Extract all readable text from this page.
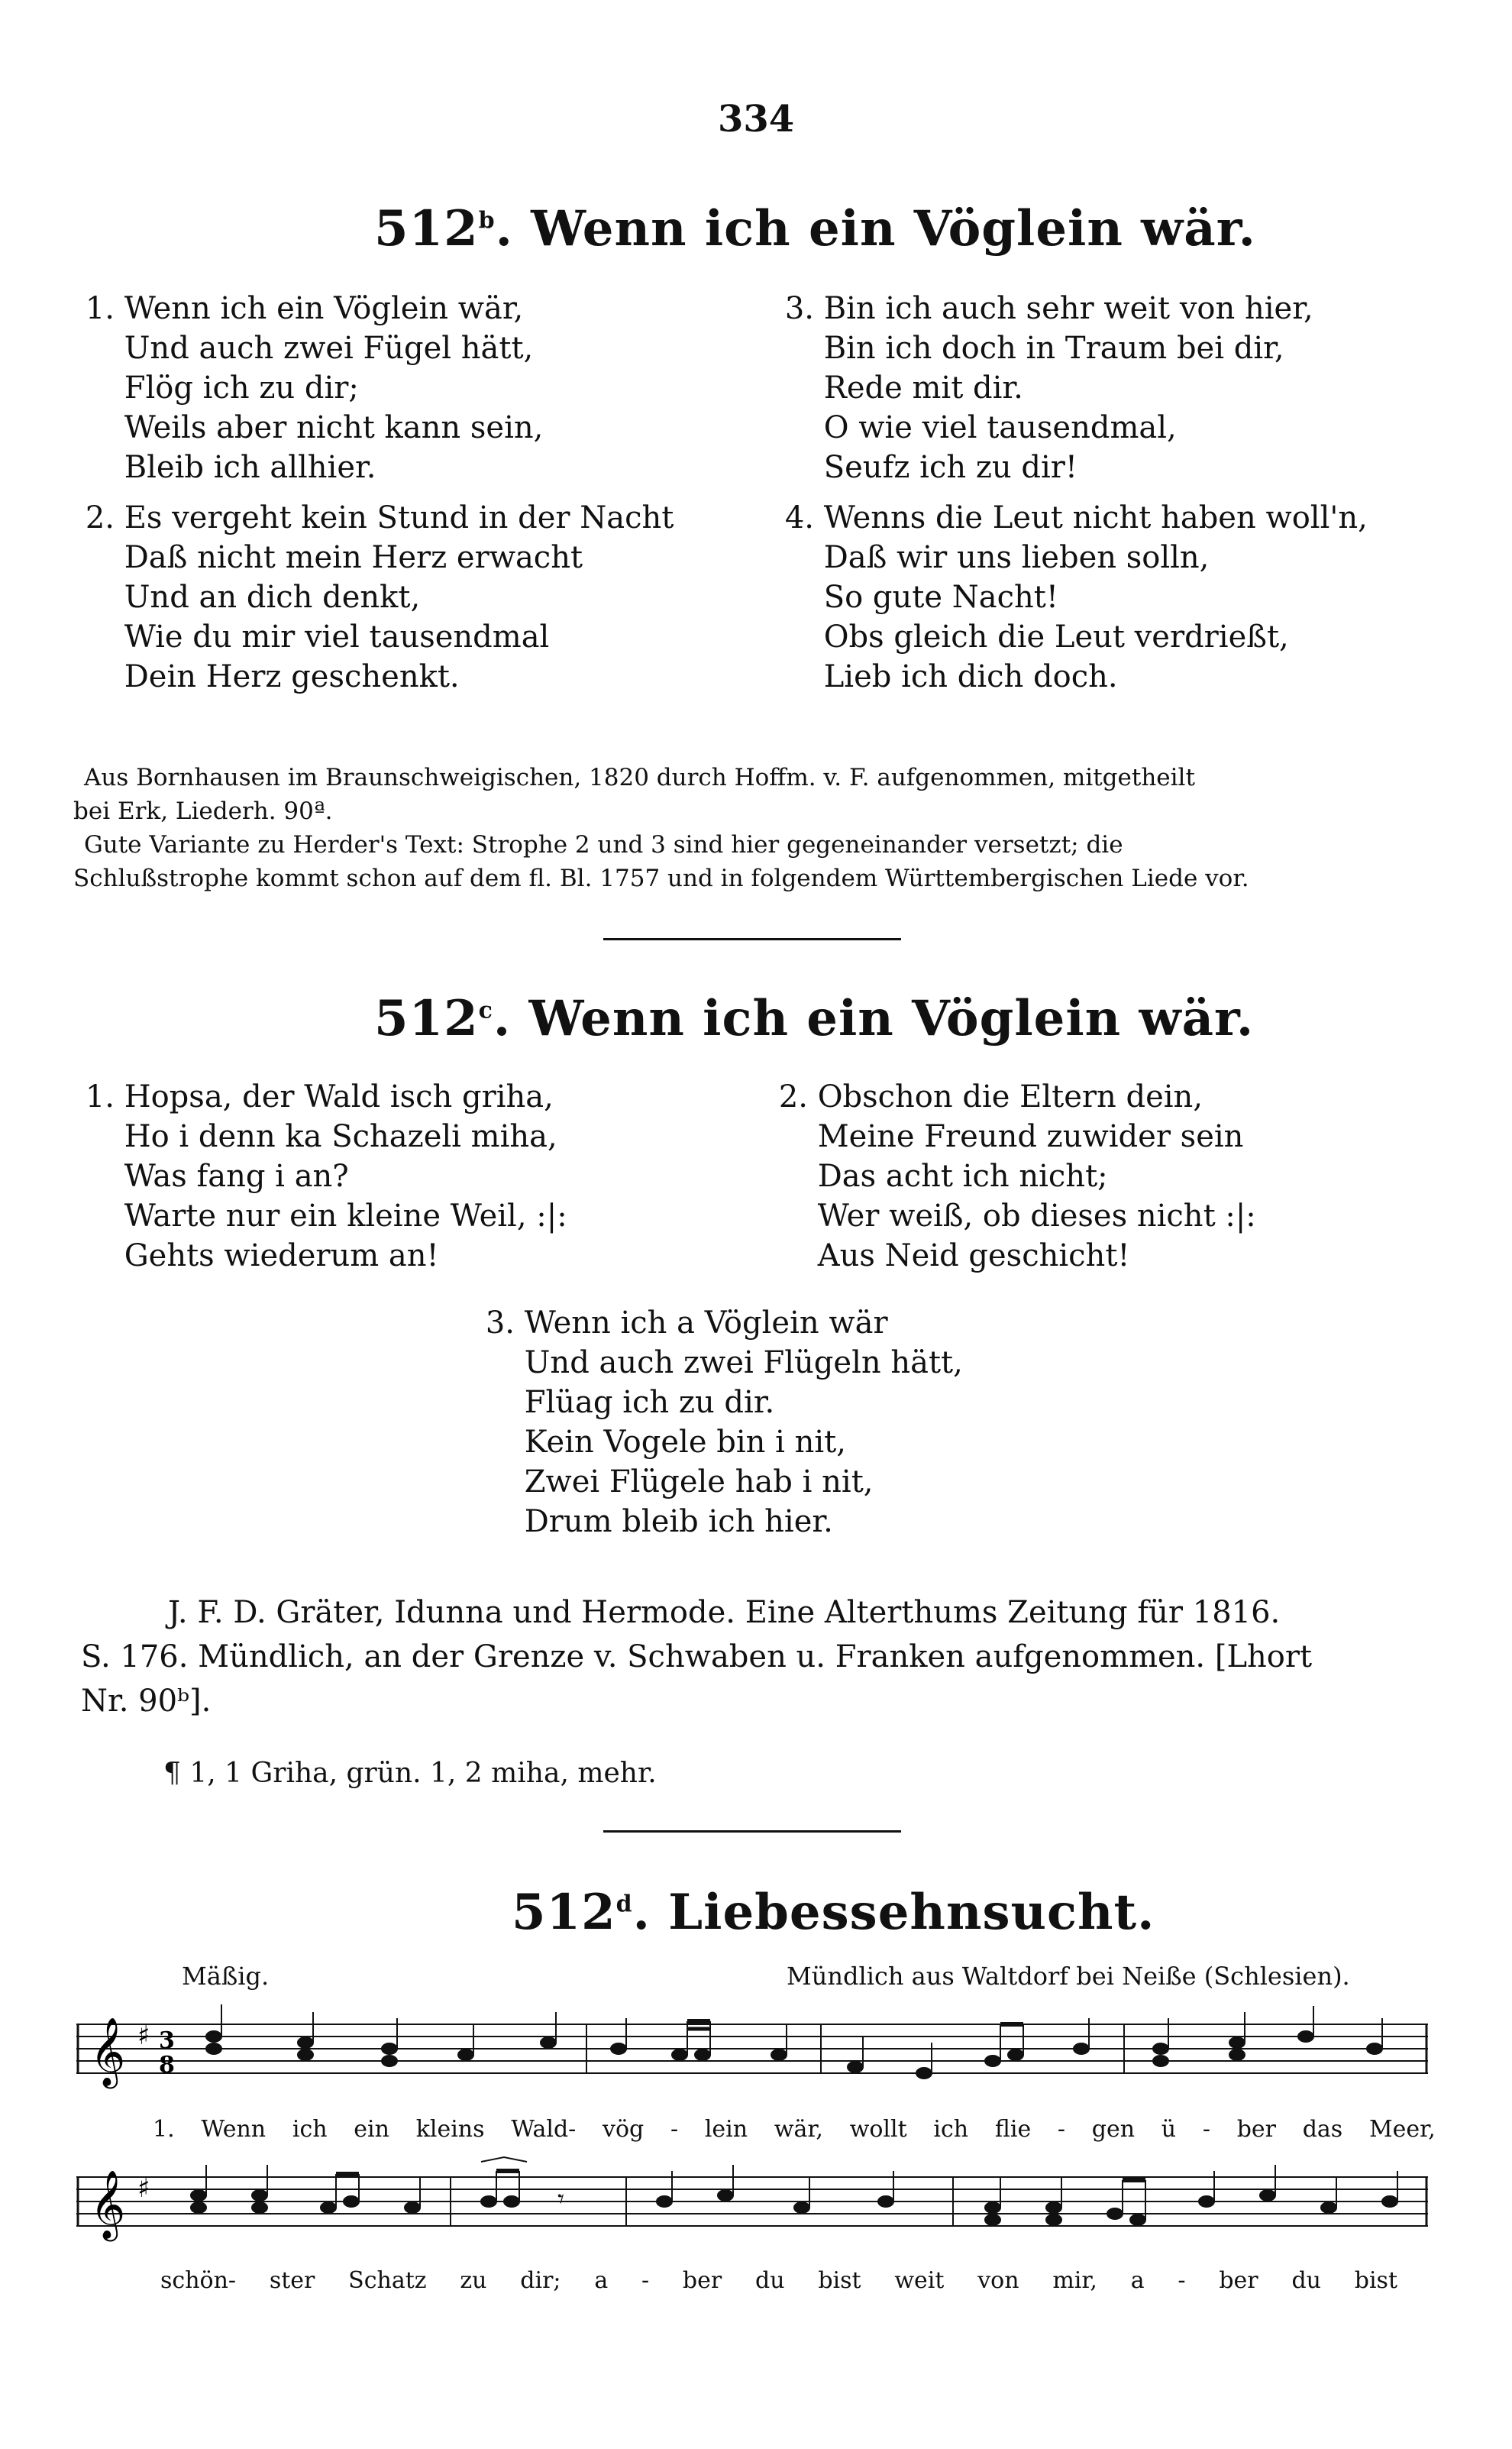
334
512$^b$. Wenn ich ein Vöglein wär.
1. Wenn ich ein Vöglein wär,
Und auch zwei Fügel hätt,
Flög ich zu dir;
Weils aber nicht kann sein,
Bleib ich allhier.
2. Es vergeht kein Stund in der Nacht
Daß nicht mein Herz erwacht
Und an dich denkt,
Wie du mir viel tausendmal
Dein Herz geschenkt.
3. Bin ich auch sehr weit von hier,
Bin ich doch in Traum bei dir,
Rede mit dir.
O wie viel tausendmal,
Seufz ich zu dir!
4. Wenns die Leut nicht haben woll'n,
Daß wir uns lieben solln,
So gute Nacht!
Obs gleich die Leut verdrießt,
Lieb ich dich doch.
Aus Bornhausen im Braunschweigischen, 1820 durch Hoffm. v. F. aufgenommen, mitgetheilt
bei Erk, Liederh. 90ª.
Gute Variante zu Herder's Text: Strophe 2 und 3 sind hier gegeneinander versetzt; die
Schlußstrophe kommt schon auf dem fl. Bl. 1757 und in folgendem Württembergischen Liede vor.
512$^c$. Wenn ich ein Vöglein wär.
1. Hopsa, der Wald isch griha,
Ho i denn ka Schazeli miha,
Was fang i an?
Warte nur ein kleine Weil, :|:
Gehts wiederum an!
2. Obschon die Eltern dein,
Meine Freund zuwider sein
Das acht ich nicht;
Wer weiß, ob dieses nicht :|:
Aus Neid geschicht!
3. Wenn ich a Vöglein wär
Und auch zwei Flügeln hätt,
Flüag ich zu dir.
Kein Vogele bin i nit,
Zwei Flügele hab i nit,
Drum bleib ich hier.
J. F. D. Gräter, Idunna und Hermode. Eine Alterthums Zeitung für 1816.
S. 176. Mündlich, an der Grenze v. Schwaben u. Franken aufgenommen. [Lhort
Nr. 90ᵇ].
¶ 1, 1 Griha, grün. 1, 2 miha, mehr.
512$^d$. Liebessehnsucht.
Mäßig.	Mündlich aus Waltdorf bei Neiße (Schlesien).
𝄞 ♯ 3
8
1. Wenn ich ein kleins Wald- vög - lein wär, wollt ich flie - gen ü - ber das Meer,
𝄞 ♯	𝄾
schön- ster Schatz zu dir; a - ber du bist weit von mir, a - ber du bist
